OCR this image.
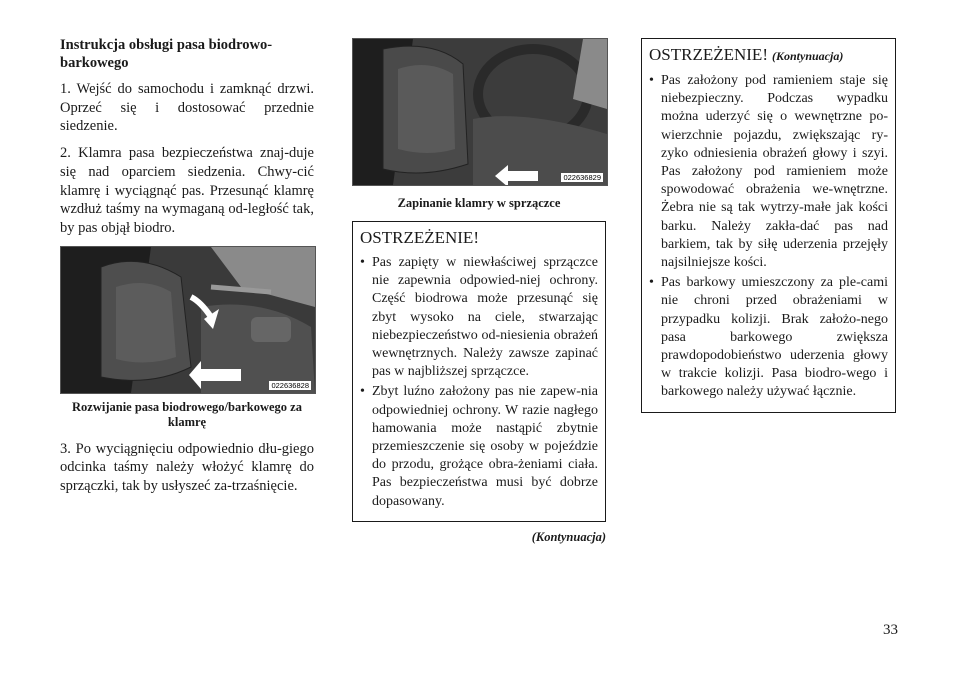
Instrukcja obsługi pasa biodrowo-barkowego

1. Wejść do samochodu i zamknąć drzwi. Oprzeć się i dostosować przednie siedzenie.

2. Klamra pasa bezpieczeństwa znaj-duje się nad oparciem siedzenia. Chwy-cić klamrę i wyciągnąć pas. Przesunąć klamrę wzdłuż taśmy na wymaganą od-ległość tak, by pas objął biodro.

022636828

Rozwijanie pasa biodrowego/barkowego za klamrę

3. Po wyciągnięciu odpowiednio dłu-giego odcinka taśmy należy włożyć klamrę do sprzączki, tak by usłyszeć za-trzaśnięcie.

022636829

Zapinanie klamry w sprzączce

OSTRZEŻENIE!

• Pas zapięty w niewłaściwej sprzączce nie zapewnia odpowied-niej ochrony. Część biodrowa może przesunąć się zbyt wysoko na ciele, stwarzając niebezpieczeństwo od-niesienia obrażeń wewnętrznych. Należy zawsze zapinać pas w najbliższej sprzączce.
• Zbyt luźno założony pas nie zapew-nia odpowiedniej ochrony. W razie nagłego hamowania może nastąpić zbytnie przemieszczenie się osoby w pojeździe do przodu, grożące obra-żeniami ciała. Pas bezpieczeństwa musi być dobrze dopasowany.
(Kontynuacja)

OSTRZEŻENIE! (Kontynuacja)

• Pas założony pod ramieniem staje się niebezpieczny. Podczas wypadku można uderzyć się o wewnętrzne po-wierzchnie pojazdu, zwiększając ry-zyko odniesienia obrażeń głowy i szyi. Pas założony pod ramieniem może spowodować obrażenia we-wnętrzne. Żebra nie są tak wytrzy-małe jak kości barku. Należy zakła-dać pas nad barkiem, tak by siłę uderzenia przejęły najsilniejsze kości.
• Pas barkowy umieszczony za ple-cami nie chroni przed obrażeniami w przypadku kolizji. Brak założo-nego pasa barkowego zwiększa prawdopodobieństwo uderzenia głowy w trakcie kolizji. Pasa biodro-wego i barkowego należy używać łącznie.
33
